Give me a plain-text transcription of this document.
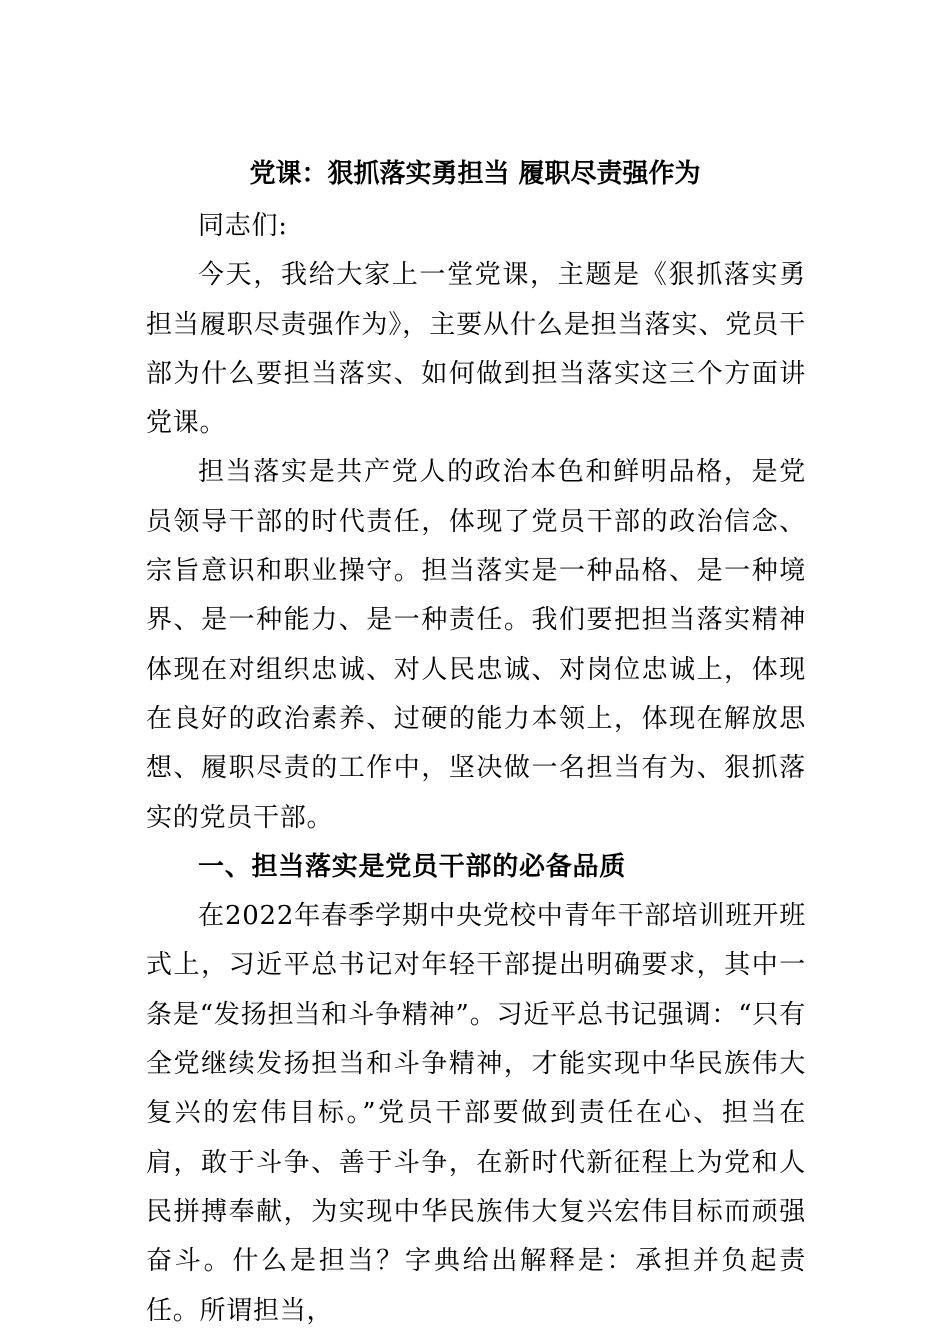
党课：狠抓落实勇担当 履职尽责强作为

同志们:

今天，我给大家上一堂党课，主题是《狠抓落实勇担当履职尽责强作为》，主要从什么是担当落实、党员干部为什么要担当落实、如何做到担当落实这三个方面讲党课。

担当落实是共产党人的政治本色和鲜明品格，是党员领导干部的时代责任，体现了党员干部的政治信念、宗旨意识和职业操守。担当落实是一种品格、是一种境界、是一种能力、是一种责任。我们要把担当落实精神体现在对组织忠诚、对人民忠诚、对岗位忠诚上，体现在良好的政治素养、过硬的能力本领上，体现在解放思想、履职尽责的工作中，坚决做一名担当有为、狠抓落实的党员干部。

一、担当落实是党员干部的必备品质

在2022年春季学期中央党校中青年干部培训班开班式上，习近平总书记对年轻干部提出明确要求，其中一条是“发扬担当和斗争精神”。习近平总书记强调：“只有全党继续发扬担当和斗争精神，才能实现中华民族伟大复兴的宏伟目标。”党员干部要做到责任在心、担当在肩，敢于斗争、善于斗争，在新时代新征程上为党和人民拼搏奉献，为实现中华民族伟大复兴宏伟目标而顽强奋斗。什么是担当？字典给出解释是：承担并负起责任。所谓担当，
